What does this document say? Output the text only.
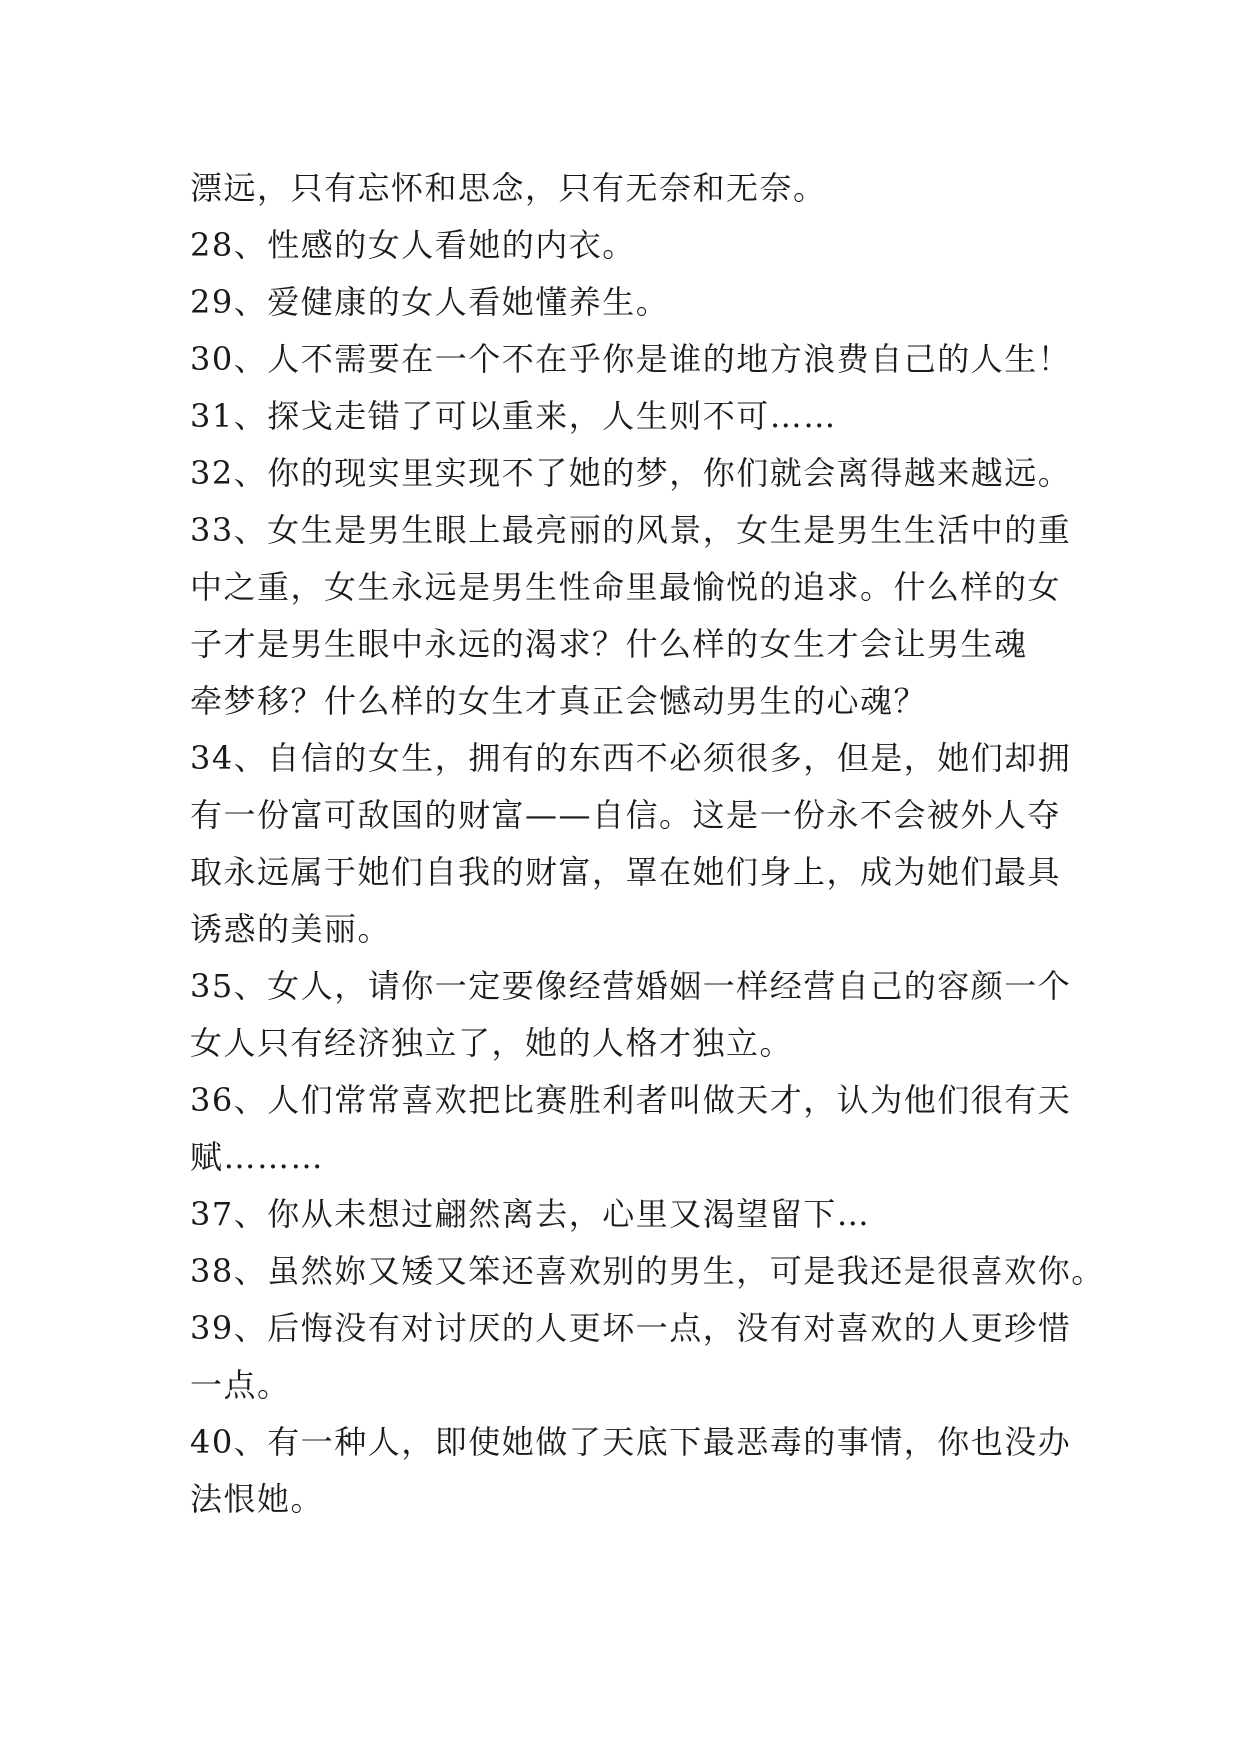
漂远，只有忘怀和思念，只有无奈和无奈。
28、性感的女人看她的内衣。
29、爱健康的女人看她懂养生。
30、人不需要在一个不在乎你是谁的地方浪费自己的人生！
31、探戈走错了可以重来，人生则不可……
32、你的现实里实现不了她的梦，你们就会离得越来越远。
33、女生是男生眼上最亮丽的风景，女生是男生生活中的重
中之重，女生永远是男生性命里最愉悦的追求。什么样的女
子才是男生眼中永远的渴求？什么样的女生才会让男生魂
牵梦移？什么样的女生才真正会憾动男生的心魂？
34、自信的女生，拥有的东西不必须很多，但是，她们却拥
有一份富可敌国的财富——自信。这是一份永不会被外人夺
取永远属于她们自我的财富，罩在她们身上，成为她们最具
诱惑的美丽。
35、女人，请你一定要像经营婚姻一样经营自己的容颜一个
女人只有经济独立了，她的人格才独立。
36、人们常常喜欢把比赛胜利者叫做天才，认为他们很有天
赋………
37、你从未想过翩然离去，心里又渴望留下…
38、虽然妳又矮又笨还喜欢别的男生，可是我还是很喜欢你。
39、后悔没有对讨厌的人更坏一点，没有对喜欢的人更珍惜
一点。
40、有一种人，即使她做了天底下最恶毒的事情，你也没办
法恨她。
